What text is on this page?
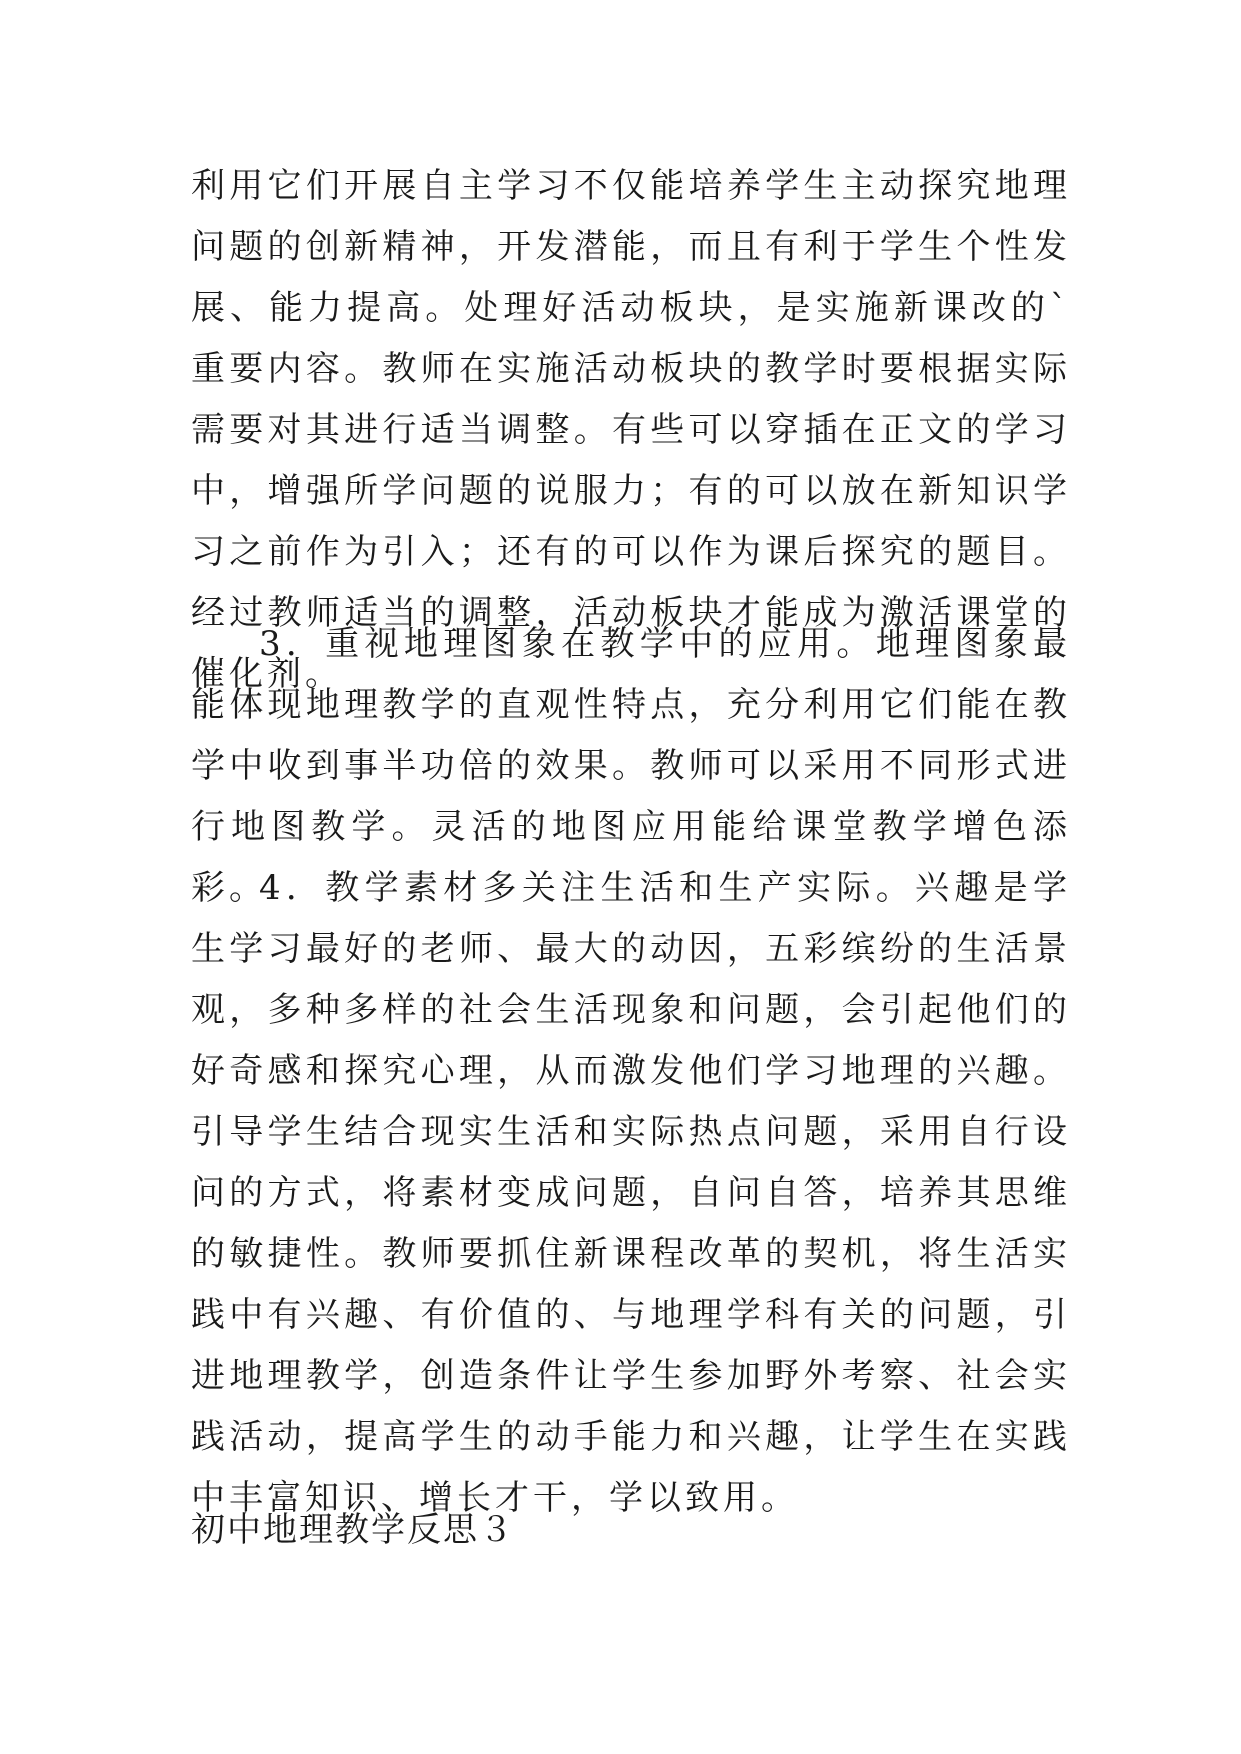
利用它们开展自主学习不仅能培养学生主动探究地理问题的创新精神，开发潜能，而且有利于学生个性发展、能力提高。处理好活动板块，是实施新课改的`重要内容。教师在实施活动板块的教学时要根据实际需要对其进行适当调整。有些可以穿插在正文的学习中，增强所学问题的说服力；有的可以放在新知识学习之前作为引入；还有的可以作为课后探究的题目。经过教师适当的调整，活动板块才能成为激活课堂的催化剂。

3．重视地理图象在教学中的应用。地理图象最能体现地理教学的直观性特点，充分利用它们能在教学中收到事半功倍的效果。教师可以采用不同形式进行地图教学。灵活的地图应用能给课堂教学增色添彩。

4．教学素材多关注生活和生产实际。兴趣是学生学习最好的老师、最大的动因，五彩缤纷的生活景观，多种多样的社会生活现象和问题，会引起他们的好奇感和探究心理，从而激发他们学习地理的兴趣。引导学生结合现实生活和实际热点问题，采用自行设问的方式，将素材变成问题，自问自答，培养其思维的敏捷性。教师要抓住新课程改革的契机，将生活实践中有兴趣、有价值的、与地理学科有关的问题，引进地理教学，创造条件让学生参加野外考察、社会实践活动，提高学生的动手能力和兴趣，让学生在实践中丰富知识、增长才干，学以致用。

初中地理教学反思３
